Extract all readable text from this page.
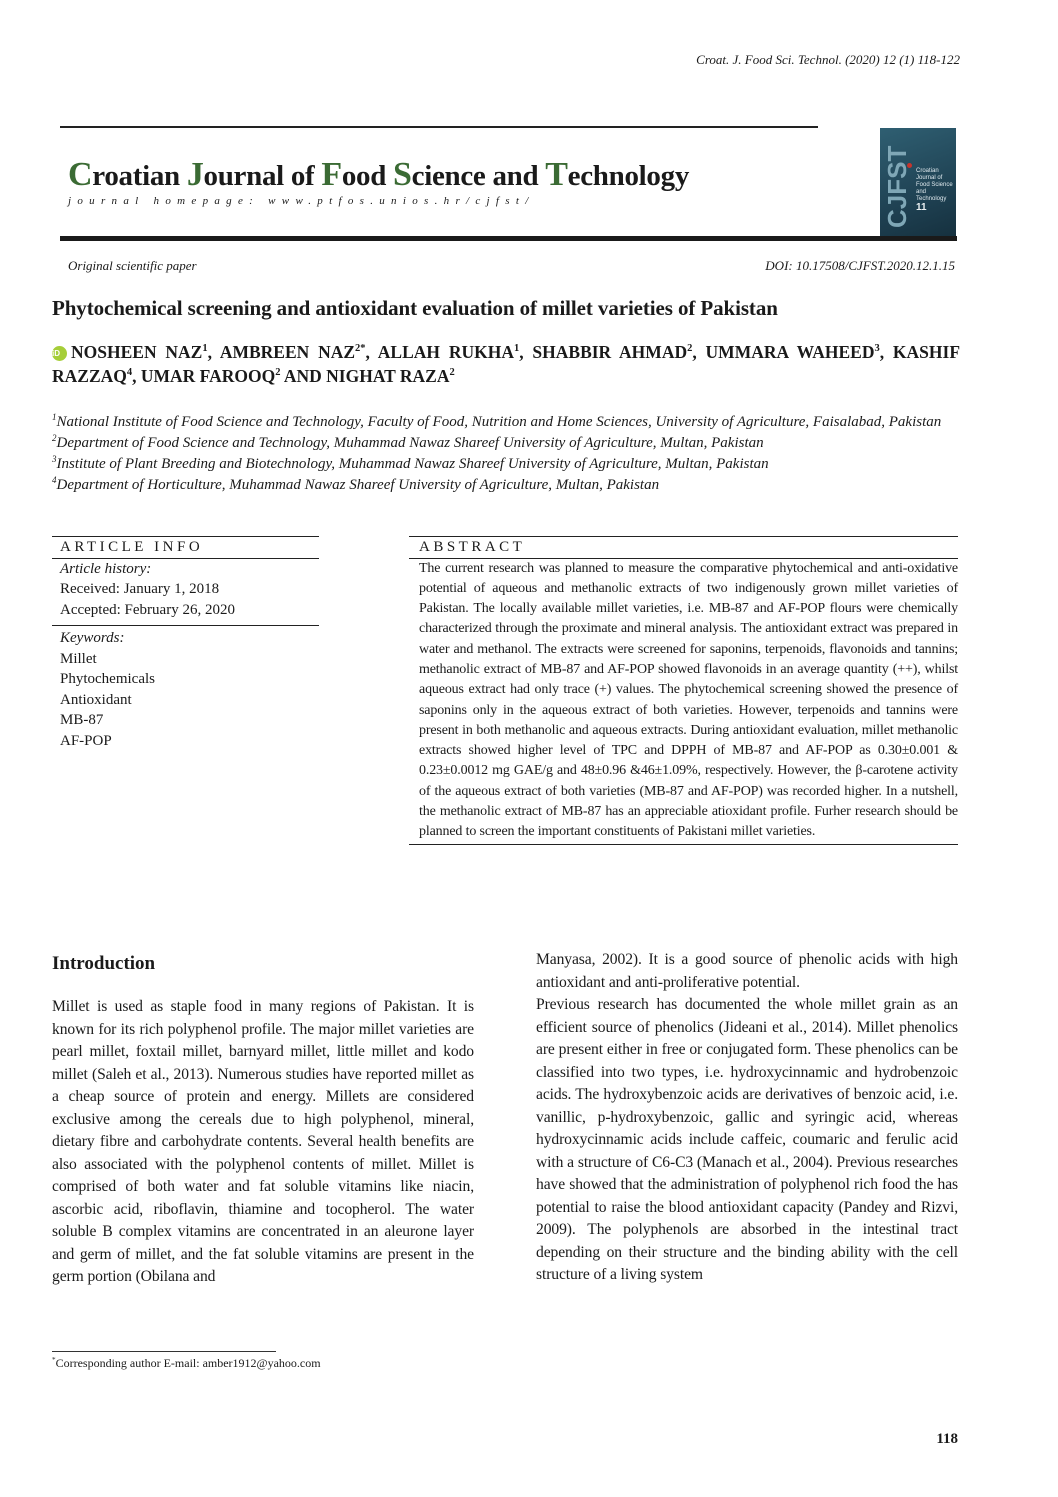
Croat. J. Food Sci. Technol. (2020) 12 (1) 118-122
Croatian Journal of Food Science and Technology
journal homepage: www.ptfos.unios.hr/cjfst/	CJFST Croatian Journal of Food Science and Technology
11
Original scientific paper	DOI: 10.17508/CJFST.2020.12.1.15
Phytochemical screening and antioxidant evaluation of millet varieties of Pakistan
iD NOSHEEN NAZ$^1$, AMBREEN $NAZ^{2*}$, ALLAH RUKHA$^1$, SHABBIR AHMAD$^2$, UMMARA WAHEED$^3$, KASHIF RAZZAQ$^4$, UMAR FAROOQ$^2$ AND NIGHAT RAZA$^2$
$^1$National Institute of Food Science and Technology, Faculty of Food, Nutrition and Home Sciences, University of Agriculture, Faisalabad, Pakistan
$^2$Department of Food Science and Technology, Muhammad Nawaz Shareef University of Agriculture, Multan, Pakistan
$^3$Institute of Plant Breeding and Biotechnology, Muhammad Nawaz Shareef University of Agriculture, Multan, Pakistan
$^4$Department of Horticulture, Muhammad Nawaz Shareef University of Agriculture, Multan, Pakistan
ARTICLE INFO
Article history:
Received: January 1, 2018
Accepted: February 26, 2020
Keywords:
Millet
Phytochemicals
Antioxidant
MB-87
AF-POP
ABSTRACT
The current research was planned to measure the comparative phytochemical and anti-oxidative potential of aqueous and methanolic extracts of two indigenously grown millet varieties of Pakistan. The locally available millet varieties, i.e. MB-87 and AF-POP flours were chemically characterized through the proximate and mineral analysis. The antioxidant extract was prepared in water and methanol. The extracts were screened for saponins, terpenoids, flavonoids and tannins; methanolic extract of MB-87 and AF-POP showed flavonoids in an average quantity (++), whilst aqueous extract had only trace (+) values. The phytochemical screening showed the presence of saponins only in the aqueous extract of both varieties. However, terpenoids and tannins were present in both methanolic and aqueous extracts. During antioxidant evaluation, millet methanolic extracts showed higher level of TPC and DPPH of MB-87 and AF-POP as 0.30±0.001 & 0.23±0.0012 mg GAE/g and 48±0.96 &46±1.09%, respectively. However, the β-carotene activity of the aqueous extract of both varieties (MB-87 and AF-POP) was recorded higher. In a nutshell, the methanolic extract of MB-87 has an appreciable atioxidant profile. Furher research should be planned to screen the important constituents of Pakistani millet varieties.
Introduction
Millet is used as staple food in many regions of Pakistan. It is known for its rich polyphenol profile. The major millet varieties are pearl millet, foxtail millet, barnyard millet, little millet and kodo millet (Saleh et al., 2013). Numerous studies have reported millet as a cheap source of protein and energy. Millets are considered exclusive among the cereals due to high polyphenol, mineral, dietary fibre and carbohydrate contents. Several health benefits are also associated with the polyphenol contents of millet. Millet is comprised of both water and fat soluble vitamins like niacin, ascorbic acid, riboflavin, thiamine and tocopherol. The water soluble B complex vitamins are concentrated in an aleurone layer and germ of millet, and the fat soluble vitamins are present in the germ portion (Obilana and
Manyasa, 2002). It is a good source of phenolic acids with high antioxidant and anti-proliferative potential.
Previous research has documented the whole millet grain as an efficient source of phenolics (Jideani et al., 2014). Millet phenolics are present either in free or conjugated form. These phenolics can be classified into two types, i.e. hydroxycinnamic and hydrobenzoic acids. The hydroxybenzoic acids are derivatives of benzoic acid, i.e. vanillic, p-hydroxybenzoic, gallic and syringic acid, whereas hydroxycinnamic acids include caffeic, coumaric and ferulic acid with a structure of C6-C3 (Manach et al., 2004). Previous researches have showed that the administration of polyphenol rich food the has potential to raise the blood antioxidant capacity (Pandey and Rizvi, 2009). The polyphenols are absorbed in the intestinal tract depending on their structure and the binding ability with the cell structure of a living system
*Corresponding author E-mail: amber1912@yahoo.com
118
